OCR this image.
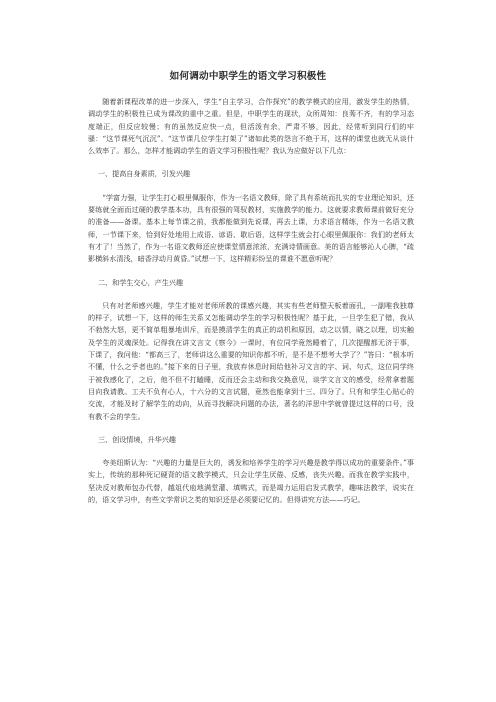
如何调动中职学生的语文学习积极性

随着新课程改革的进一步深入，学生“自主学习，合作探究”的教学模式的应用，激发学生的热情，调动学生的积极性已成为课改的重中之重。但是，中职学生的现状，众所周知：良莠不齐，有的学习态度端正，但反应较慢；有的虽然反应快一点，但活泼有余，严肃不够，因此，经常听到同行们的牢骚：“这节课死气沉沉”、“这节课几位学生打架了”诸如此类的怨言不绝于耳，这样的课堂也就无从谈什么效率了。那么，怎样才能调动学生的语文学习积极性呢？我认为应做好以下几点：

一、提高自身素质，引发兴趣

“学富力强，让学生打心眼里佩服你，作为一名语文教师，除了具有系统而扎实的专业理论知识，还要练就全面而过硬的教学基本功，具有很强的驾驭教材，实施教学的能力。这就要求教师课前做好充分的准备——备课。基本上每节课之前，我都能做到先说课，再去上课，力求语言精练，作为一名语文教师，一节课下来，恰到好处地用上成语、谚语、歇后语，这样学生就会打心眼里佩服你：我们的老师太有才了！当然了，作为一名语文教师还应使课堂情意浓浓，充满诗情画意。美的语言能够沁人心脾，“疏影横斜水清浅，暗香浮动月黄昏。”试想一下，这样精彩纷呈的课谁不愿意听呢？

二、和学生交心，产生兴趣

只有对老师感兴趣，学生才能对老师所教的课感兴趣，其实有些老师整天板着面孔，一副唯我独尊的样子，试想一下，这样的师生关系又怎能调动学生的学习积极性呢？基于此，一旦学生犯了错，我从不勃然大怒，更不简单粗暴地训斥，而是摸清学生的真正的动机和原因，动之以情，晓之以理，切实触及学生的灵魂深处。记得我在讲文言文《察今》一课时，有位同学竟然睡着了，几次提醒都无济于事，下课了，我问他：“都高三了，老师讲这么重要的知识你都不听，是不是不想考大学了？”答曰：“根本听不懂，什么之乎者也的。”接下来的日子里，我放弃休息时间给他补习文言的字、词、句式，这位同学终于被我感化了，之后，他不但不打瞌睡，反而还会主动和我交换意见，谈学文言文的感受，经常拿着题目向我请教。工夫不负有心人，十六分的文言试题，竟然也能拿到十三、四分了。只有和学生心贴心的交流，才能及时了解学生的动向，从而寻找解决问题的办法，著名的洋思中学就曾提过这样的口号，没有教不会的学生。

三、创设情境，升华兴趣

夸美纽斯认为：“兴趣的力量是巨大的，诱发和培养学生的学习兴趣是教学得以成功的重要条件。”事实上，传统的那种死记硬背的语文教学模式，只会让学生厌倦、反感，丧失兴趣。而我在教学实践中，坚决反对教师包办代替，越俎代庖地满堂灌、填鸭式，而是竭力运用启发式教学，趣味法教学，说实在的，语文学习中，有些文学常识之类的知识还是必须要记忆的。但得讲究方法——巧记。
